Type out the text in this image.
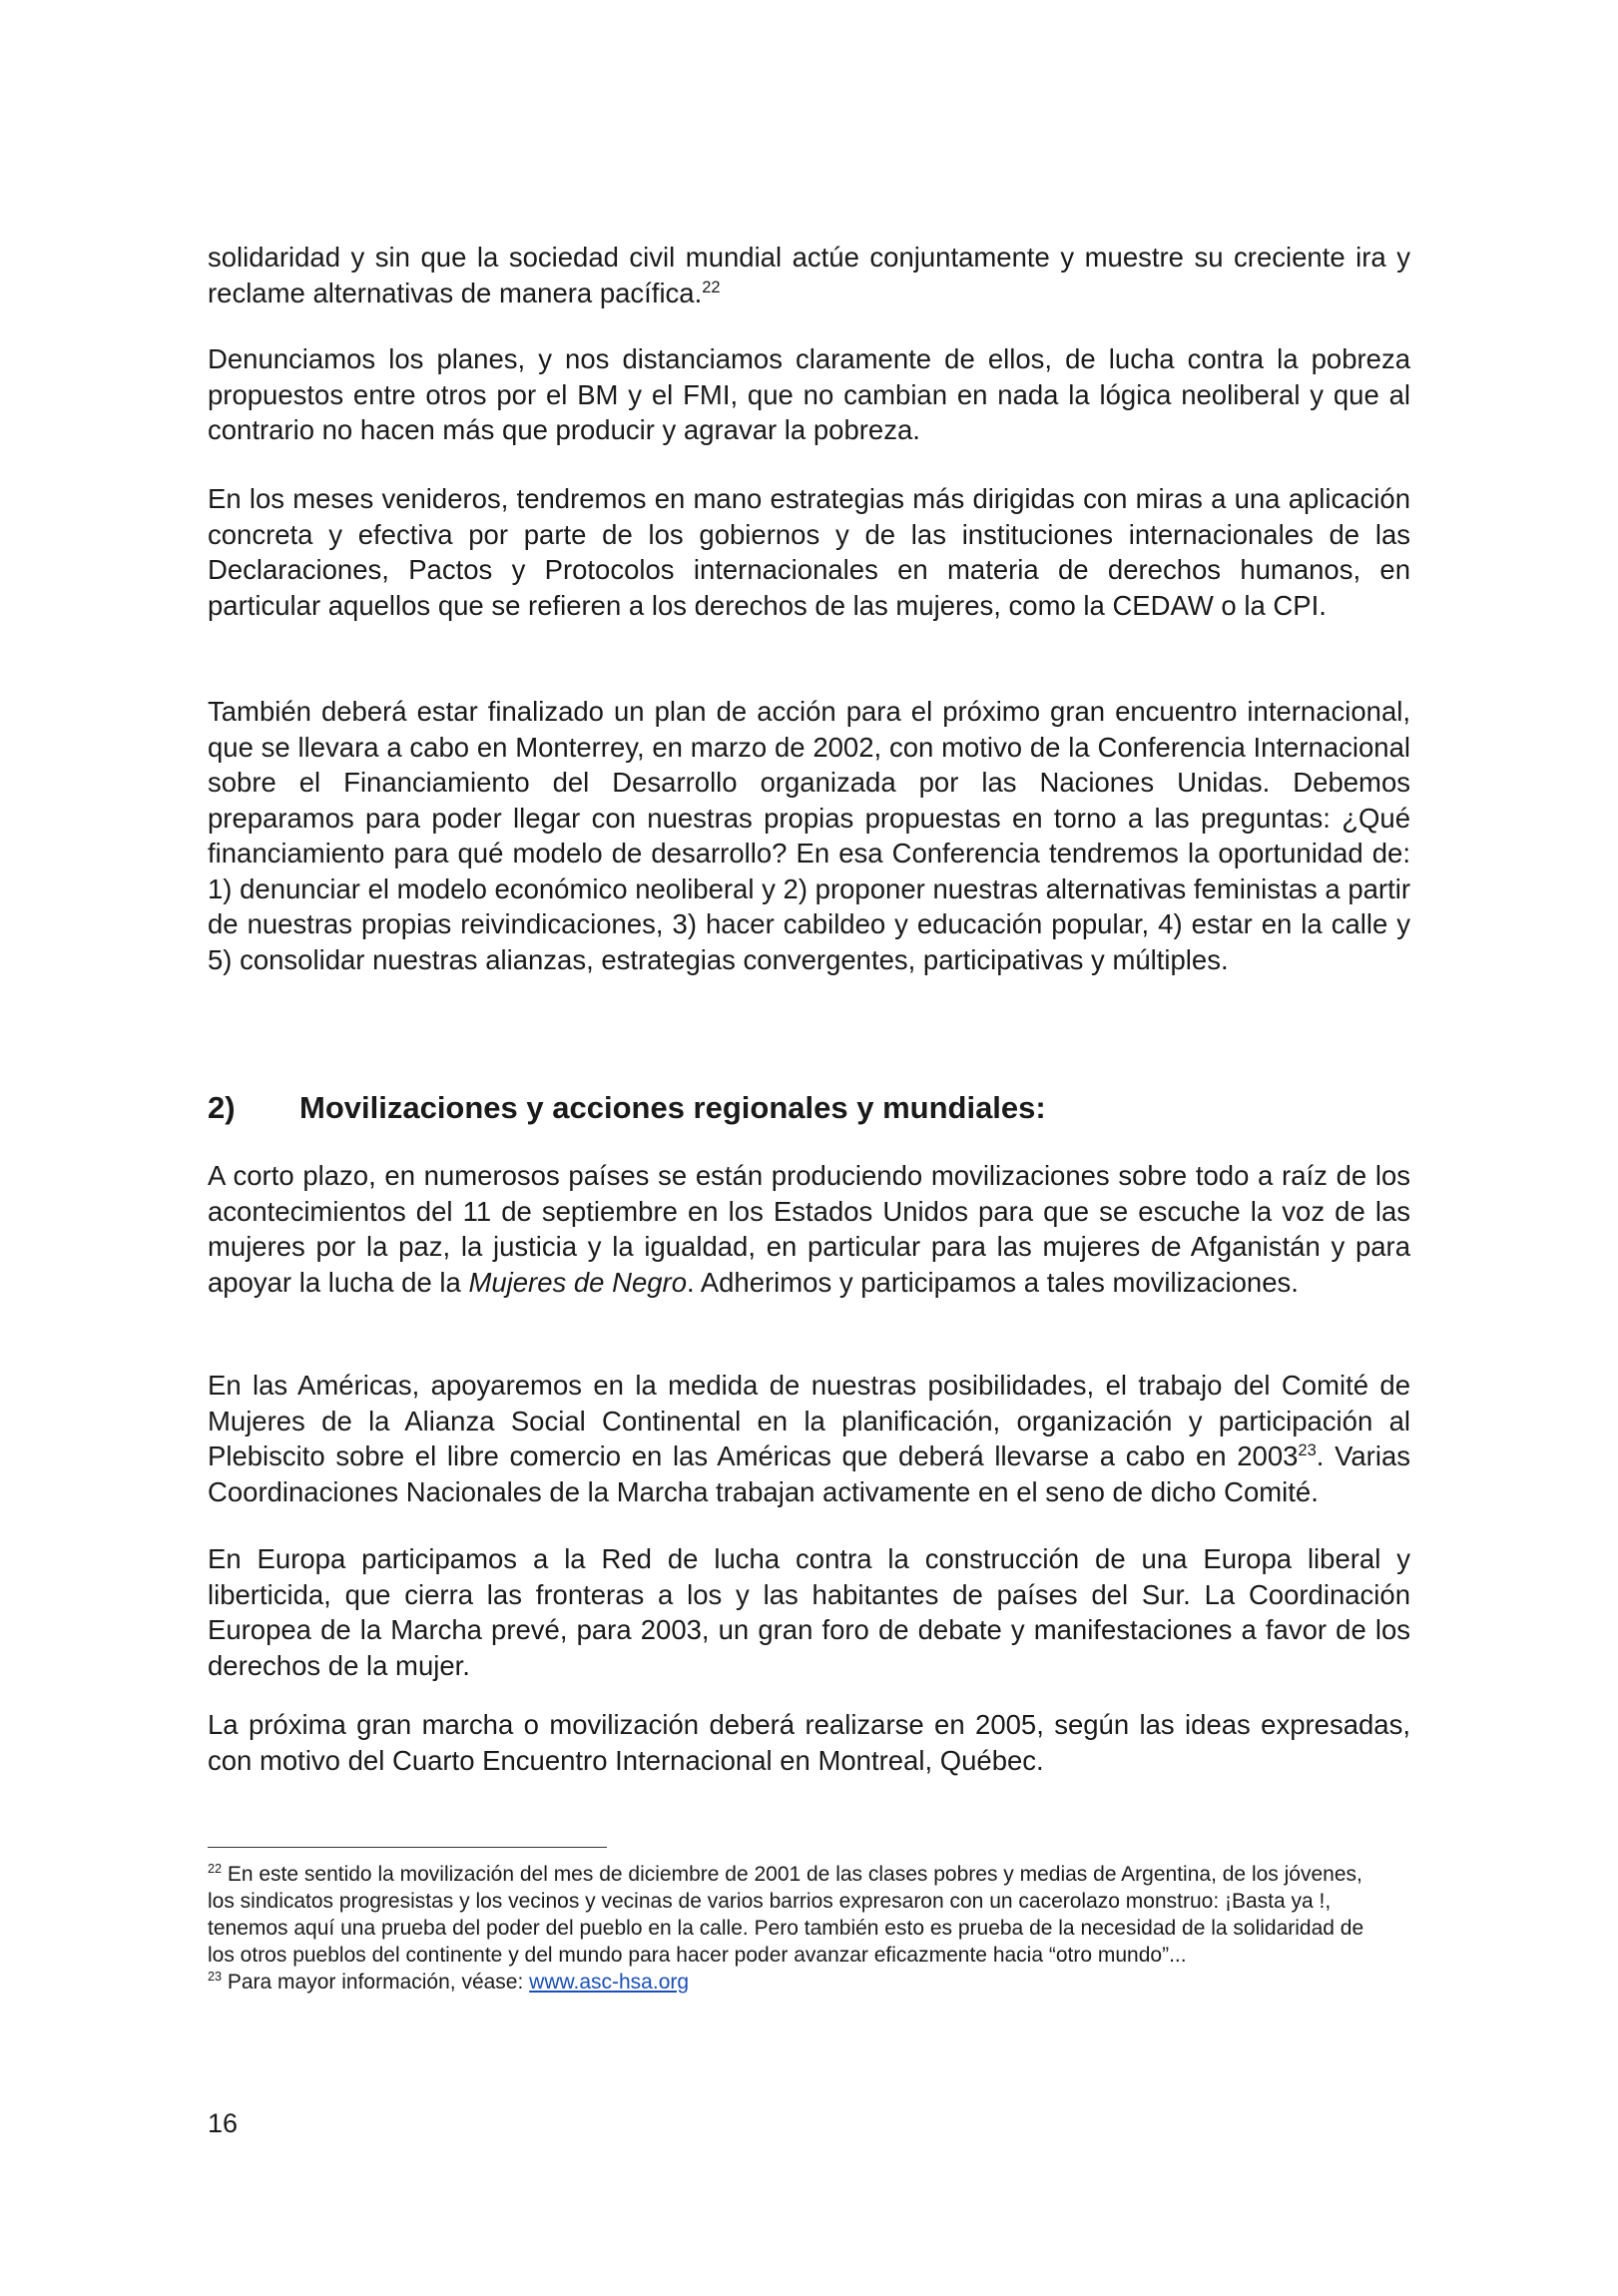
solidaridad y sin que la sociedad civil mundial actúe conjuntamente y muestre su creciente ira y reclame alternativas de manera pacífica.$^{22}$

Denunciamos los planes, y nos distanciamos claramente de ellos, de lucha contra la pobreza propuestos entre otros por el BM y el FMI, que no cambian en nada la lógica neoliberal y que al contrario no hacen más que producir y agravar la pobreza.

En los meses venideros, tendremos en mano estrategias más dirigidas con miras a una aplicación concreta y efectiva por parte de los gobiernos y de las instituciones internacionales de las Declaraciones, Pactos y Protocolos internacionales en materia de derechos humanos, en particular aquellos que se refieren a los derechos de las mujeres, como la CEDAW o la CPI.

También deberá estar finalizado un plan de acción para el próximo gran encuentro internacional, que se llevara a cabo en Monterrey, en marzo de 2002, con motivo de la Conferencia Internacional sobre el Financiamiento del Desarrollo organizada por las Naciones Unidas. Debemos preparamos para poder llegar con nuestras propias propuestas en torno a las preguntas: ¿Qué financiamiento para qué modelo de desarrollo? En esa Conferencia tendremos la oportunidad de: 1) denunciar el modelo económico neoliberal y 2) proponer nuestras alternativas feministas a partir de nuestras propias reivindicaciones, 3) hacer cabildeo y educación popular, 4) estar en la calle y 5) consolidar nuestras alianzas, estrategias convergentes, participativas y múltiples.

2) Movilizaciones y acciones regionales y mundiales:

A corto plazo, en numerosos países se están produciendo movilizaciones sobre todo a raíz de los acontecimientos del 11 de septiembre en los Estados Unidos para que se escuche la voz de las mujeres por la paz, la justicia y la igualdad, en particular para las mujeres de Afganistán y para apoyar la lucha de la Mujeres de Negro. Adherimos y participamos a tales movilizaciones.

En las Américas, apoyaremos en la medida de nuestras posibilidades, el trabajo del Comité de Mujeres de la Alianza Social Continental en la planificación, organización y participación al Plebiscito sobre el libre comercio en las Américas que deberá llevarse a cabo en 2003$^{23}$. Varias Coordinaciones Nacionales de la Marcha trabajan activamente en el seno de dicho Comité.

En Europa participamos a la Red de lucha contra la construcción de una Europa liberal y liberticida, que cierra las fronteras a los y las habitantes de países del Sur. La Coordinación Europea de la Marcha prevé, para 2003, un gran foro de debate y manifestaciones a favor de los derechos de la mujer.

La próxima gran marcha o movilización deberá realizarse en 2005, según las ideas expresadas, con motivo del Cuarto Encuentro Internacional en Montreal, Québec.

$^{22}$ En este sentido la movilización del mes de diciembre de 2001 de las clases pobres y medias de Argentina, de los jóvenes, los sindicatos progresistas y los vecinos y vecinas de varios barrios expresaron con un cacerolazo monstruo: ¡Basta ya !, tenemos aquí una prueba del poder del pueblo en la calle. Pero también esto es prueba de la necesidad de la solidaridad de los otros pueblos del continente y del mundo para hacer poder avanzar eficazmente hacia “otro mundo”...

$^{23}$ Para mayor información, véase: www.asc-hsa.org

16
